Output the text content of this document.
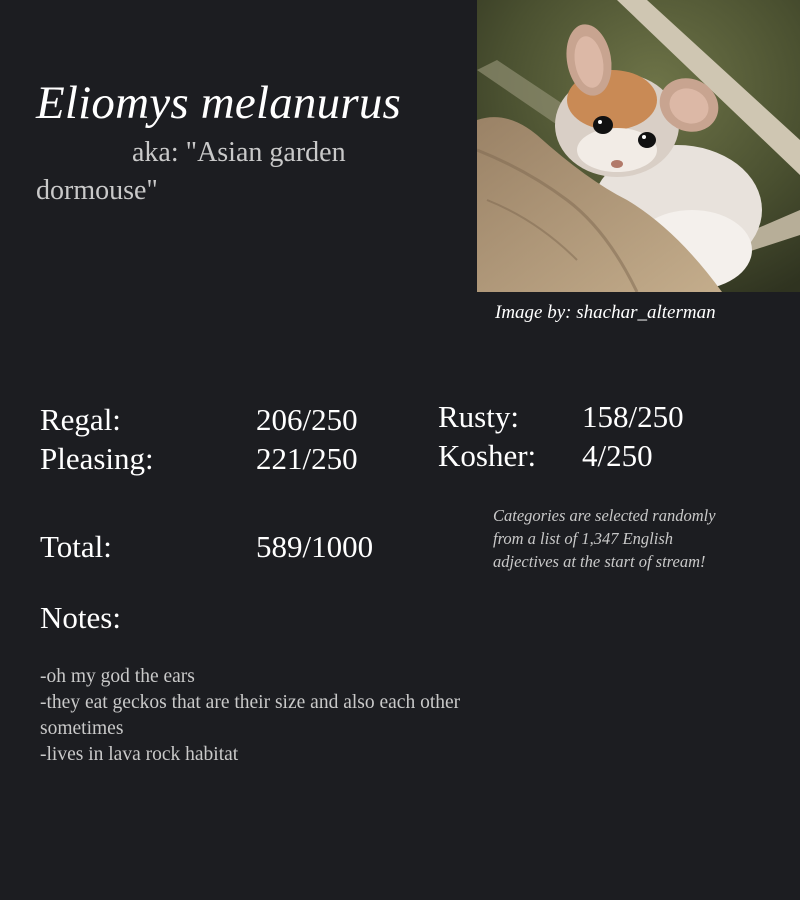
Eliomys melanurus
aka: "Asian garden dormouse"
Image by: shachar_alterman
Regal:	206/250
Pleasing:	221/250
Rusty: 158/250
Kosher: 4/250
Total:	589/1000
Categories are selected randomly from a list of 1,347 English adjectives at the start of stream!
Notes:
-oh my god the ears
-they eat geckos that are their size and also each other sometimes
-lives in lava rock habitat
